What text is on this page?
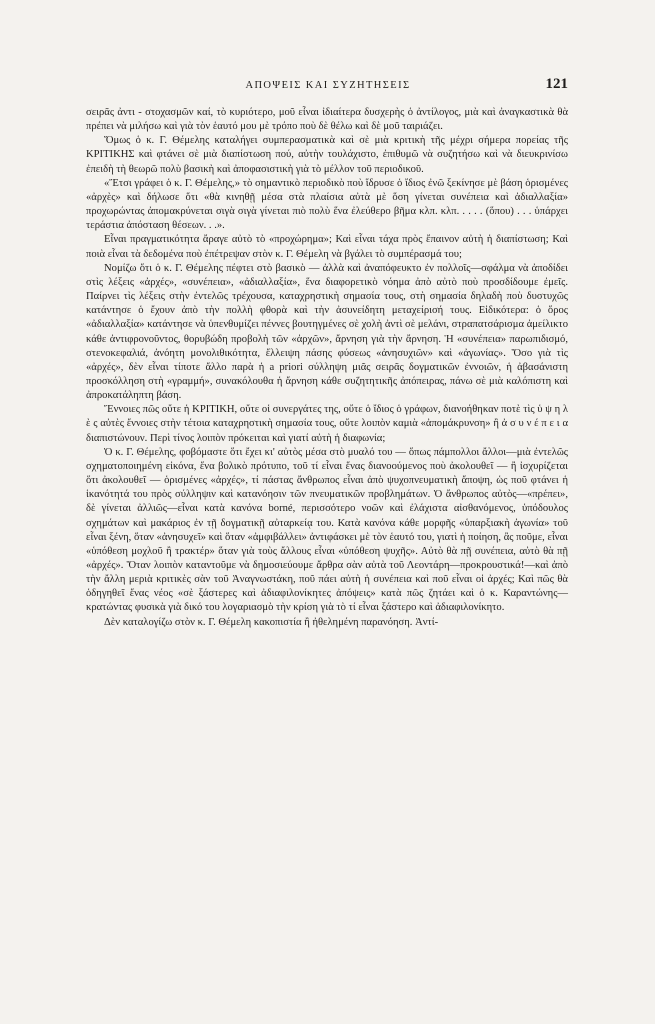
ΑΠΟΨΕΙΣ ΚΑΙ ΣΥΖΗΤΗΣΕΙΣ	121

σειρᾶς ἀντι - στοχασμῶν καί, τὸ κυριότερο, μοῦ εἶναι ἰδιαίτερα δυσχερὴς ὁ ἀντίλογος, μιὰ καὶ ἀναγκαστικὰ θὰ πρέπει νὰ μιλήσω καὶ γιὰ τὸν ἑαυτό μου μὲ τρόπο ποὺ δὲ θέλω καὶ δὲ μοῦ ταιριάζει.

Ὅμως ὁ κ. Γ. Θέμελης καταλήγει συμπερασματικὰ καὶ σὲ μιὰ κριτικὴ τῆς μέχρι σήμερα πορείας τῆς ΚΡΙΤΙΚΗΣ καὶ φτάνει σὲ μιὰ διαπίστωση πού, αὐτὴν τουλάχιστο, ἐπιθυμῶ νὰ συζητήσω καὶ νὰ διευκρινίσω ἐπειδὴ τὴ θεωρῶ πολὺ βασικὴ καὶ ἀποφασιστικὴ γιὰ τὸ μέλλον τοῦ περιοδικοῦ.

«Ἔτσι γράφει ὁ κ. Γ. Θέμελης,» τὸ σημαντικὸ περιοδικὸ ποὺ ἵδρυσε ὁ ἴδιος ἐνῶ ξεκίνησε μὲ βάση ὁρισμένες «ἀρχὲς» καὶ δήλωσε ὅτι «θὰ κινηθῇ μέσα στὰ πλαίσια αὐτὰ μὲ ὅση γίνεται συνέπεια καὶ ἀδιαλλαξία» προχωρώντας ἀπομακρύνεται σιγὰ σιγὰ γίνεται πιὸ πολὺ ἕνα ἐλεύθερο βῆμα κλπ. κλπ. . . . . (ὅπου) . . . ὑπάρχει τεράστια ἀπόσταση θέσεων. . .».

Εἶναι πραγματικότητα ἄραγε αὐτὸ τὸ «προχώρημα»; Καὶ εἶναι τάχα πρὸς ἔπαινον αὐτὴ ἡ διαπίστωση; Καὶ ποιὰ εἶναι τὰ δεδομένα ποὺ ἐπέτρεψαν στὸν κ. Γ. Θέμελη νὰ βγάλει τὸ συμπέρασμά του;

Νομίζω ὅτι ὁ κ. Γ. Θέμελης πέφτει στὸ βασικὸ — ἀλλὰ καὶ ἀναπόφευκτο ἐν πολλοῖς—σφάλμα νὰ ἀποδίδει στὶς λέξεις «ἀρχές», «συνέπεια», «ἀδιαλλαξία», ἕνα διαφορετικὸ νόημα ἀπὸ αὐτὸ ποὺ προσδίδουμε ἐμεῖς. Παίρνει τὶς λέξεις στὴν ἐντελῶς τρέχουσα, καταχρηστικὴ σημασία τους, στὴ σημασία δηλαδὴ ποὺ δυστυχῶς κατάντησε ὁ ἔχουν ἀπὸ τὴν πολλὴ φθορὰ καὶ τὴν ἀσυνείδητη μεταχείρισή τους. Εἰδικότερα: ὁ ὅρος «ἀδιαλλαξία» κατάντησε νὰ ὑπενθυμίζει πέννες βουτηγμένες σὲ χολὴ ἀντὶ σὲ μελάνι, στραπατσάρισμα ἀμείλικτο κάθε ἀντιφρονοῦντος, θορυβώδη προβολὴ τῶν «ἀρχῶν», ἄρνηση γιὰ τὴν ἄρνηση. Ἡ «συνέπεια» παρωπιδισμό, στενοκεφαλιά, ἀνόητη μονολιθικότητα, ἔλλειψη πάσης φύσεως «ἀνησυχιῶν» καὶ «ἀγωνίας». Ὅσο γιὰ τὶς «ἀρχές», δὲν εἶναι τίποτε ἄλλο παρὰ ἡ a priori σύλληψη μιᾶς σειρᾶς δογματικῶν ἐννοιῶν, ἡ ἀβασάνιστη προσκόλληση στὴ «γραμμή», συνακόλουθα ἡ ἄρνηση κάθε συζητητικῆς ἀπόπειρας, πάνω σὲ μιὰ καλόπιστη καὶ ἀπροκατάληπτη βάση.

Ἔννοιες πῶς οὔτε ἡ ΚΡΙΤΙΚΗ, οὔτε οἱ συνεργάτες της, οὔτε ὁ ἴδιος ὁ γράφων, διανοήθηκαν ποτὲ τὶς ὑ ψ η λ ὲ ς αὐτὲς ἔννοιες στὴν τέτοια καταχρηστικὴ σημασία τους, οὔτε λοιπὸν καμιὰ «ἀπομάκρυνση» ἢ ἀ σ υ ν έ π ε ι α διαπιστώνουν. Περὶ τίνος λοιπὸν πρόκειται καὶ γιατί αὐτὴ ἡ διαφωνία;

Ὁ κ. Γ. Θέμελης, φοβόμαστε ὅτι ἔχει κι' αὐτὸς μέσα στὸ μυαλό του — ὅπως πάμπολλοι ἄλλοι—μιὰ ἐντελῶς σχηματοποιημένη εἰκόνα, ἕνα βολικὸ πρότυπο, τοῦ τί εἶναι ἕνας διανοούμενος ποὺ ἀκολουθεῖ — ἢ ἰσχυρίζεται ὅτι ἀκολουθεῖ — ὁρισμένες «ἀρχές», τί πάστας ἄνθρωπος εἶναι ἀπὸ ψυχοπνευματικὴ ἄποψη, ὡς ποῦ φτάνει ἡ ἱκανότητά του πρὸς σύλληψιν καὶ κατανόησιν τῶν πνευματικῶν προβλημάτων. Ὁ ἄνθρωπος αὐτὸς—«πρέπει», δὲ γίνεται ἀλλιῶς—εἶναι κατὰ κανόνα borné, περισσότερο νοῶν καὶ ἐλάχιστα αἰσθανόμενος, ὑπόδουλος σχημάτων καὶ μακάριος ἐν τῇ δογματικῇ αὐταρκείᾳ του. Κατὰ κανόνα κάθε μορφῆς «ὑπαρξιακὴ ἀγωνία» τοῦ εἶναι ξένη, ὅταν «ἀνησυχεῖ» καὶ ὅταν «ἀμφιβάλλει» ἀντιφάσκει μὲ τὸν ἑαυτό του, γιατὶ ἡ ποίηση, ἂς ποῦμε, εἶναι «ὑπόθεση μοχλοῦ ἢ τρακτέρ» ὅταν γιὰ τοὺς ἄλλους εἶναι «ὑπόθεση ψυχῆς». Αὐτὸ θὰ πῇ συνέπεια, αὐτὸ θὰ πῇ «ἀρχές». Ὅταν λοιπὸν καταντοῦμε νὰ δημοσιεύουμε ἄρθρα σὰν αὐτὰ τοῦ Λεοντάρη—προκρουστικά!—καὶ ἀπὸ τὴν ἄλλη μεριὰ κριτικὲς σὰν τοῦ Ἀναγνωστάκη, ποῦ πάει αὐτὴ ἡ συνέπεια καὶ ποῦ εἶναι οἱ ἀρχές; Καὶ πῶς θὰ ὁδηγηθεῖ ἕνας νέος «σὲ ξάστερες καὶ ἀδιαφιλονίκητες ἀπόψεις» κατὰ πῶς ζητάει καὶ ὁ κ. Καραντώνης—κρατώντας φυσικὰ γιὰ δικό του λογαριασμὸ τὴν κρίση γιὰ τὸ τί εἶναι ξάστερο καὶ ἀδιαφιλονίκητο.

Δὲν καταλογίζω στὸν κ. Γ. Θέμελη κακοπιστία ἢ ἠθελημένη παρανόηση. Ἀντί-
